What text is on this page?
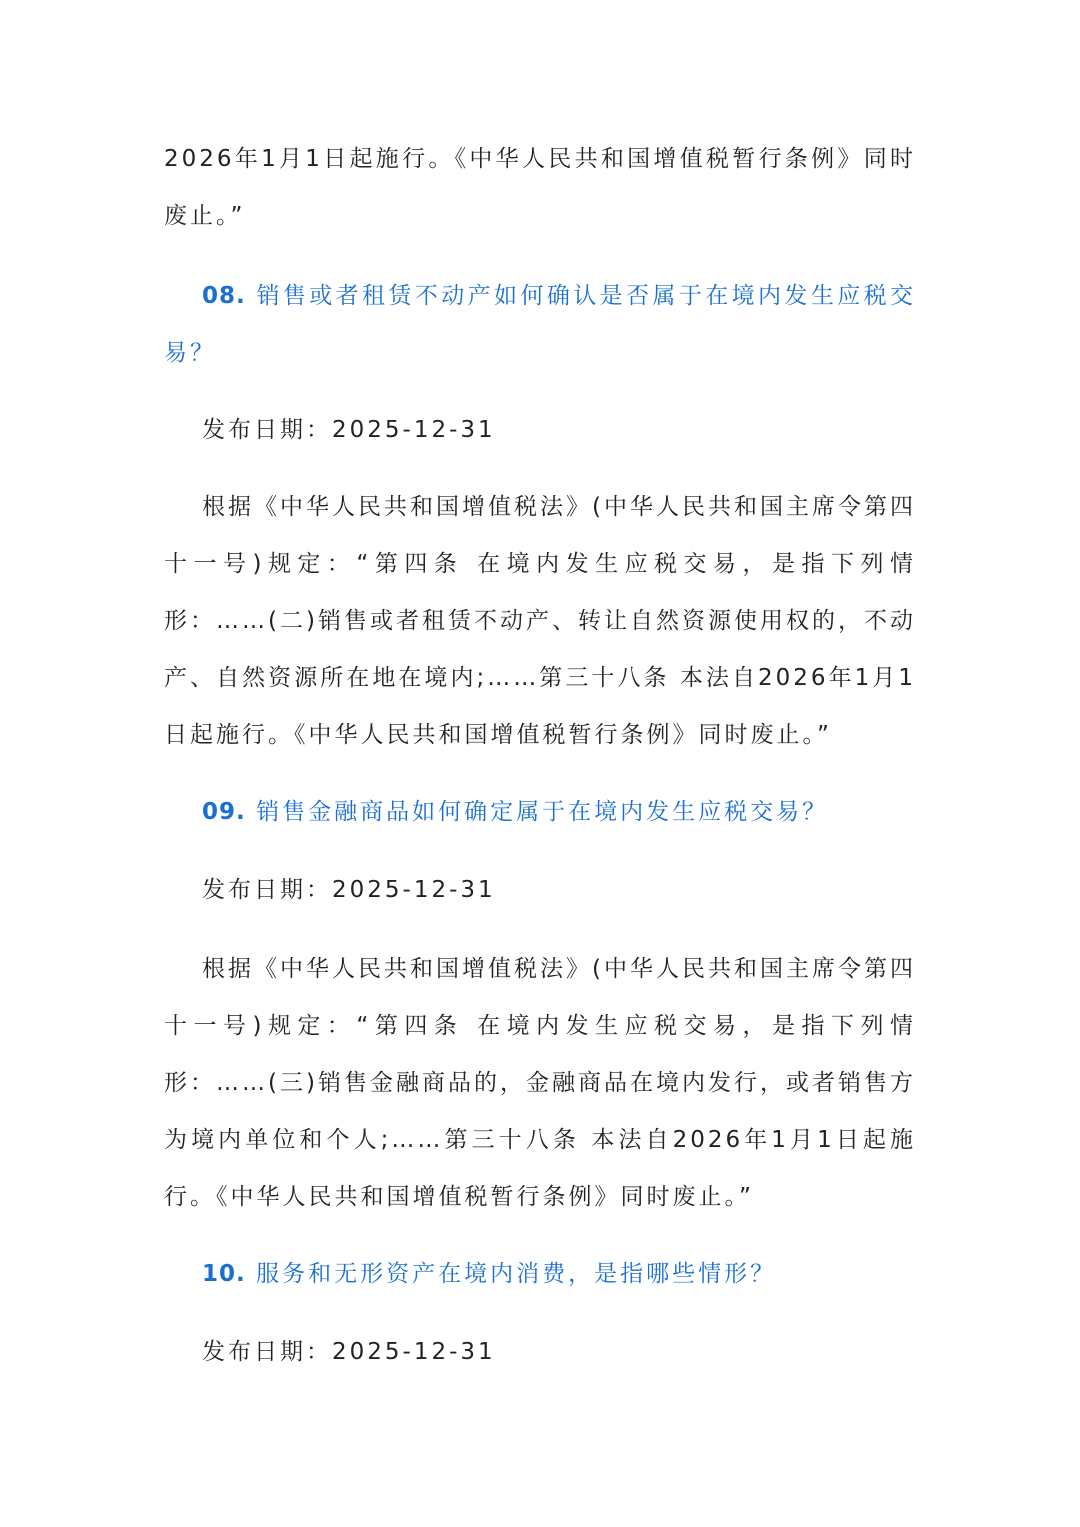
2026年1月1日起施行。《中华人民共和国增值税暂行条例》同时废止。”

08. 销售或者租赁不动产如何确认是否属于在境内发生应税交易？

发布日期：2025-12-31

根据《中华人民共和国增值税法》(中华人民共和国主席令第四十一号)规定：“第四条 在境内发生应税交易，是指下列情形：……(二)销售或者租赁不动产、转让自然资源使用权的，不动产、自然资源所在地在境内;……第三十八条 本法自2026年1月1日起施行。《中华人民共和国增值税暂行条例》同时废止。”

09. 销售金融商品如何确定属于在境内发生应税交易？

发布日期：2025-12-31

根据《中华人民共和国增值税法》(中华人民共和国主席令第四十一号)规定：“第四条 在境内发生应税交易，是指下列情形：……(三)销售金融商品的，金融商品在境内发行，或者销售方为境内单位和个人;……第三十八条 本法自2026年1月1日起施行。《中华人民共和国增值税暂行条例》同时废止。”

10. 服务和无形资产在境内消费，是指哪些情形？

发布日期：2025-12-31
